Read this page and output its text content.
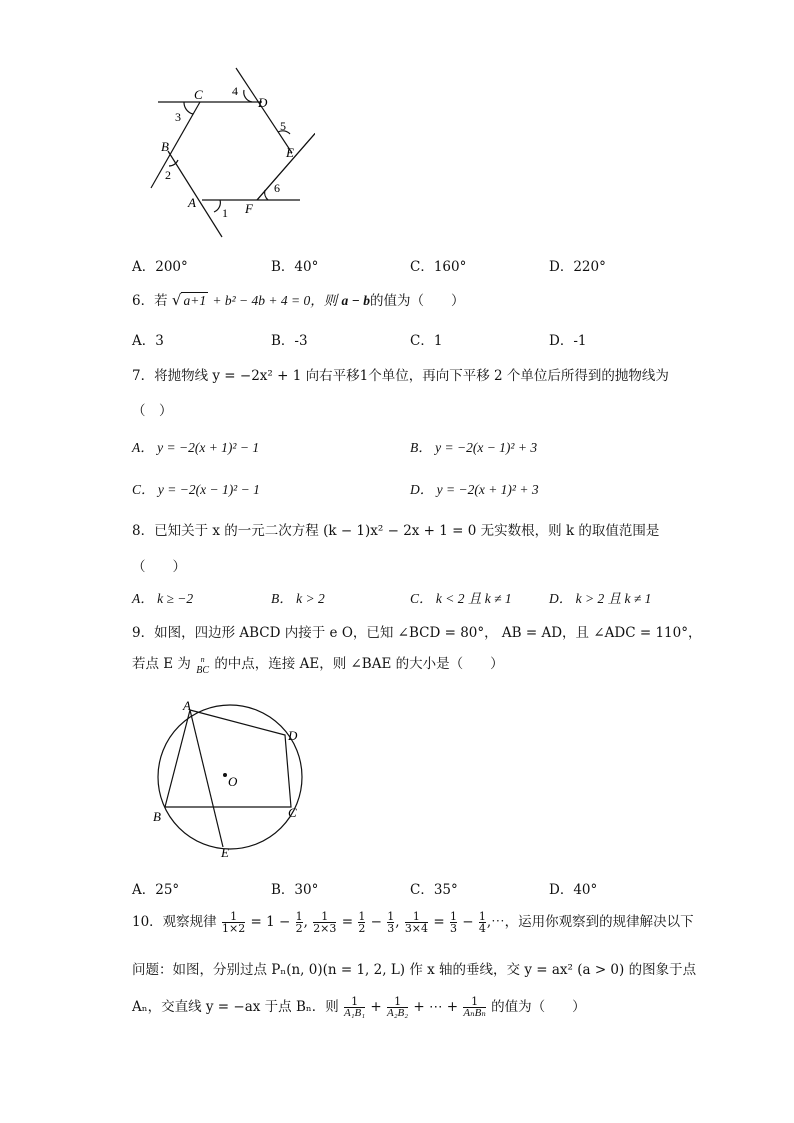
C
D
B	E
A	F
1
2
3
4
5
6
A．200°	B．40°	C．160°	D．220°
6．若 √ a+1 + b² − 4b + 4 = 0，则 a − b的值为（　　）
A．3	B．-3	C．1	D．-1
7．将抛物线 y = −2x² + 1 向右平移1个单位，再向下平移 2 个单位后所得到的抛物线为
（　）
A． y = −2(x + 1)² − 1	B． y = −2(x − 1)² + 3
C． y = −2(x − 1)² − 1	D． y = −2(x + 1)² + 3
8．已知关于 x 的一元二次方程 (k − 1)x² − 2x + 1 = 0 无实数根，则 k 的取值范围是
（　　）
A． k ≥ −2	B． k > 2	C． k < 2 且 k ≠ 1	D． k > 2 且 k ≠ 1
9．如图，四边形 ABCD 内接于 e O，已知 ∠BCD = 80°， AB = AD，且 ∠ADC = 110°，
若点 E 为	n
BC 的中点，连接 AE，则 ∠BAE 的大小是（　　）
A
D
O
B	C
E
A．25°	B．30°	C．35°	D．40°
10．观察规律 $\frac{1}{1\times 2} = 1 - \frac{1}{2}$ , $\frac{1}{2\times 3} = \frac{1}{2} - \frac{1}{3}$ , $\frac{1}{3\times 4} = \frac{1}{3} - \frac{1}{4}$ ,⋯，运用你观察到的规律解决以下
问题：如图，分别过点 Pₙ(n, 0)(n = 1, 2, L) 作 x 轴的垂线，交 y = ax² (a > 0) 的图象于点
Aₙ，交直线 y = −ax 于点 Bₙ．则 $\frac{1}{\text{A₁B₁}} + \frac{1}{\text{A₂B₂}}$ + ⋯ + $\frac{1}{\text{AₙBₙ}}$ 的值为（　　）
